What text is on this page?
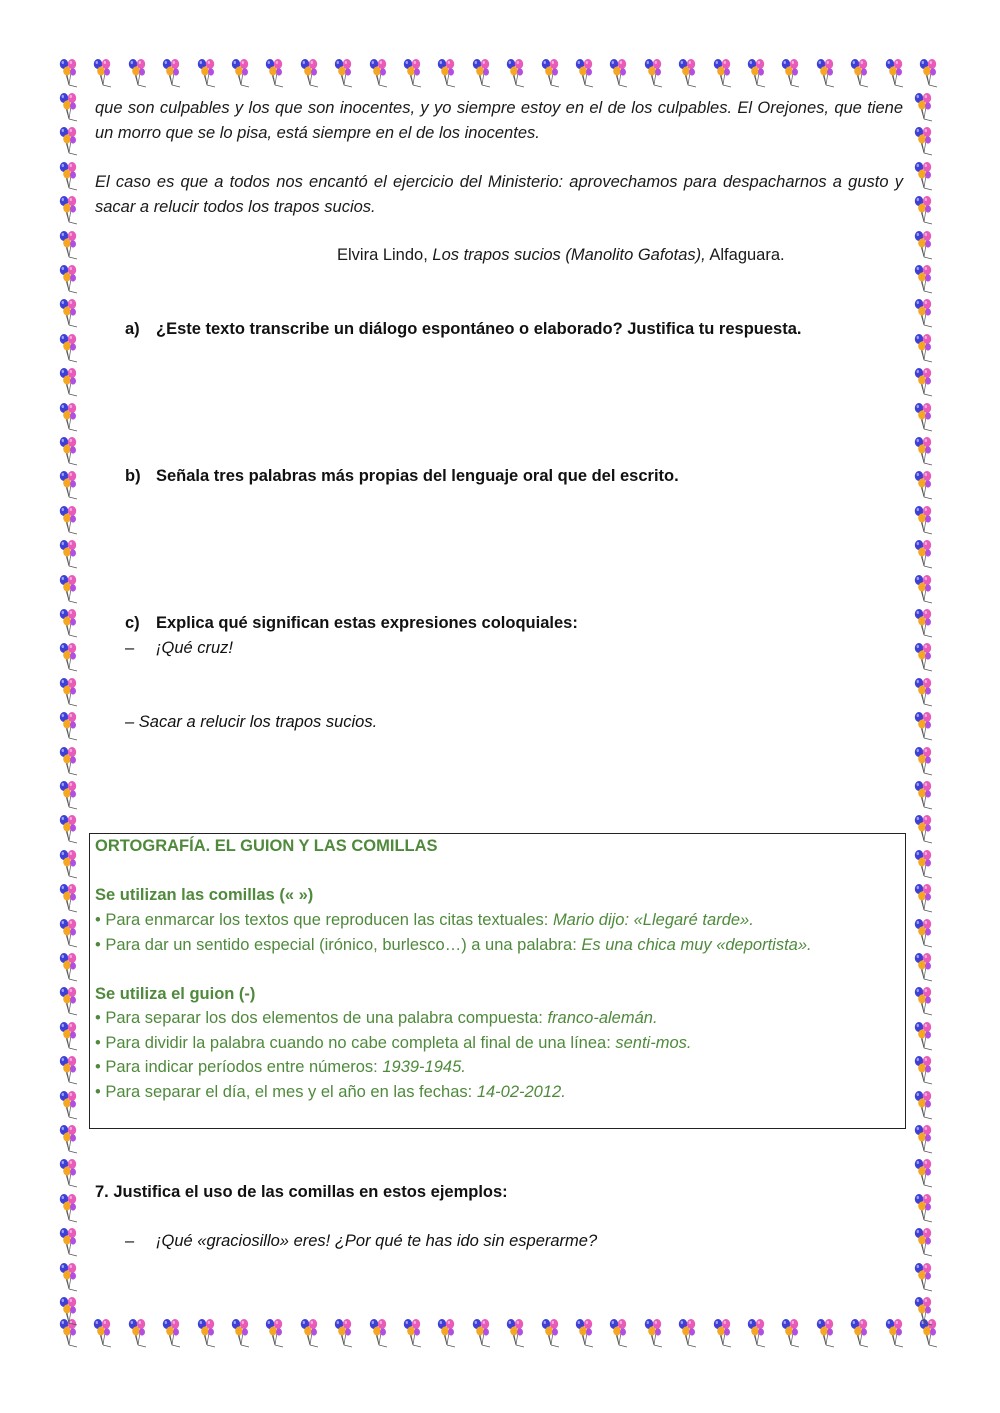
que son culpables y los que son inocentes, y yo siempre estoy en el de los culpables. El Orejones, que tiene un morro que se lo pisa, está siempre en el de los inocentes.
El caso es que a todos nos encantó el ejercicio del Ministerio: aprovechamos para despacharnos a gusto y sacar a relucir todos los trapos sucios.
Elvira Lindo, Los trapos sucios (Manolito Gafotas), Alfaguara.
a) ¿Este texto transcribe un diálogo espontáneo o elaborado? Justifica tu respuesta.
b) Señala tres palabras más propias del lenguaje oral que del escrito.
c) Explica qué significan estas expresiones coloquiales:
– ¡Qué cruz!
– Sacar a relucir los trapos sucios.
ORTOGRAFÍA. EL GUION Y LAS COMILLAS
Se utilizan las comillas (« »)
• Para enmarcar los textos que reproducen las citas textuales: Mario dijo: «Llegaré tarde».
• Para dar un sentido especial (irónico, burlesco…) a una palabra: Es una chica muy «deportista».
Se utiliza el guion (-)
• Para separar los dos elementos de una palabra compuesta: franco-alemán.
• Para dividir la palabra cuando no cabe completa al final de una línea: senti-mos.
• Para indicar períodos entre números: 1939-1945.
• Para separar el día, el mes y el año en las fechas: 14-02-2012.
7. Justifica el uso de las comillas en estos ejemplos:
– ¡Qué «graciosillo» eres! ¿Por qué te has ido sin esperarme?
